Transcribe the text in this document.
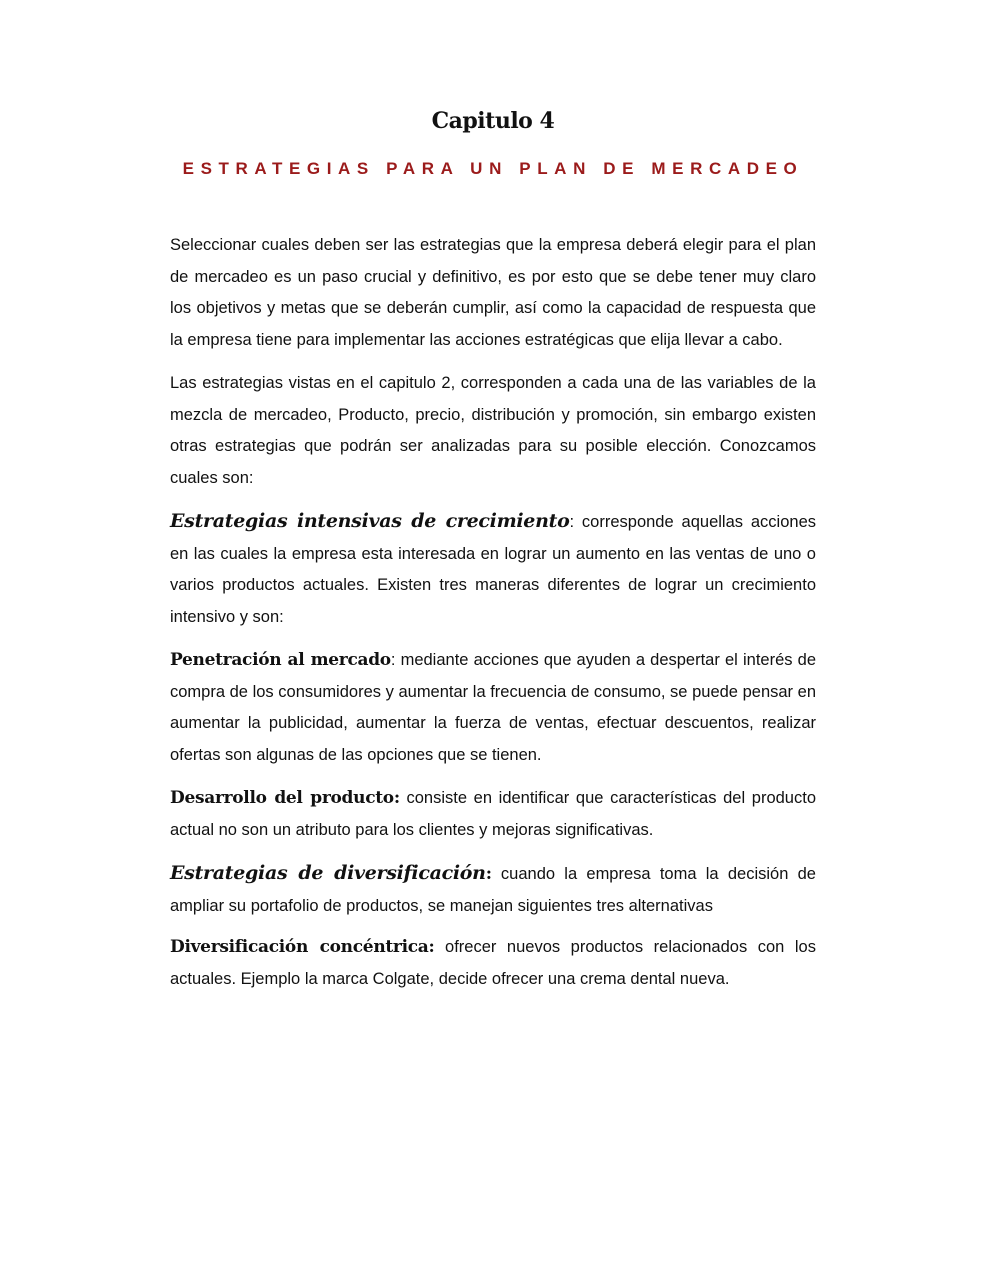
Capitulo 4
ESTRATEGIAS PARA UN PLAN DE MERCADEO

Seleccionar cuales deben ser las estrategias que la empresa deberá elegir para el plan de mercadeo es un paso crucial y definitivo, es por esto que se debe tener muy claro los objetivos y metas que se deberán cumplir, así como la capacidad de respuesta que la empresa tiene para implementar las acciones estratégicas que elija llevar a cabo.

Las estrategias vistas en el capitulo 2, corresponden a cada una de las variables de la mezcla de mercadeo, Producto, precio, distribución y promoción, sin embargo existen otras estrategias que podrán ser analizadas para su posible elección. Conozcamos cuales son:

Estrategias intensivas de crecimiento: corresponde aquellas acciones en las cuales la empresa esta interesada en lograr un aumento en las ventas de uno o varios productos actuales. Existen tres maneras diferentes de lograr un crecimiento intensivo y son:

Penetración al mercado: mediante acciones que ayuden a despertar el interés de compra de los consumidores y aumentar la frecuencia de consumo, se puede pensar en aumentar la publicidad, aumentar la fuerza de ventas, efectuar descuentos, realizar ofertas son algunas de las opciones que se tienen.

Desarrollo del producto: consiste en identificar que características del producto actual no son un atributo para los clientes y mejoras significativas.

Estrategias de diversificación: cuando la empresa toma la decisión de ampliar su portafolio de productos, se manejan siguientes tres alternativas

Diversificación concéntrica: ofrecer nuevos productos relacionados con los actuales. Ejemplo la marca Colgate, decide ofrecer una crema dental nueva.
